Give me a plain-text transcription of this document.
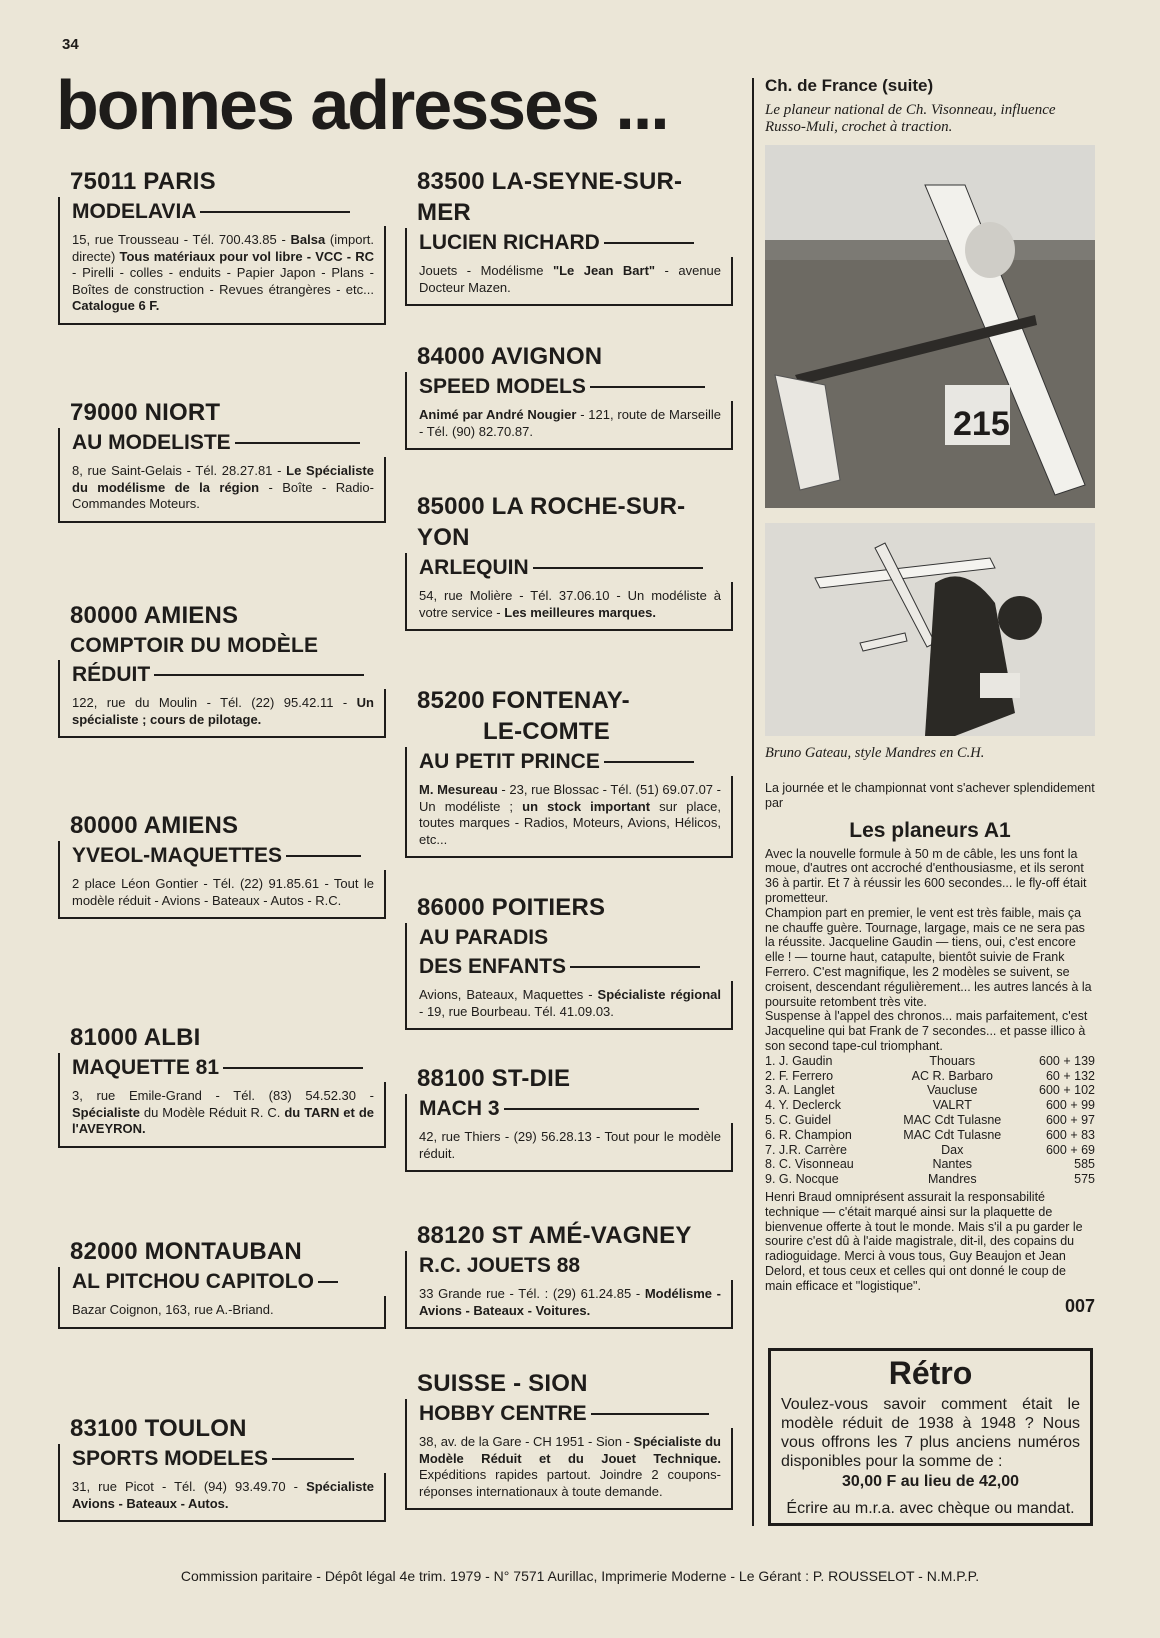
34
bonnes adresses ...
75011 PARIS
MODELAVIA
15, rue Trousseau - Tél. 700.43.85 - Balsa (import. directe) Tous matériaux pour vol libre - VCC - RC - Pirelli - colles - enduits - Papier Japon - Plans - Boîtes de construction - Revues étrangères - etc... Catalogue 6 F.
79000 NIORT
AU MODELISTE
8, rue Saint-Gelais - Tél. 28.27.81 - Le Spécialiste du modélisme de la région - Boîte - Radio-Commandes Moteurs.
80000 AMIENS
COMPTOIR DU MODÈLE
RÉDUIT
122, rue du Moulin - Tél. (22) 95.42.11 - Un spécialiste ; cours de pilotage.
80000 AMIENS
YVEOL-MAQUETTES
2 place Léon Gontier - Tél. (22) 91.85.61 - Tout le modèle réduit - Avions - Bateaux - Autos - R.C.
81000 ALBI
MAQUETTE 81
3, rue Emile-Grand - Tél. (83) 54.52.30 - Spécialiste du Modèle Réduit R. C. du TARN et de l'AVEYRON.
82000 MONTAUBAN
AL PITCHOU CAPITOLO
Bazar Coignon, 163, rue A.-Briand.
83100 TOULON
SPORTS MODELES
31, rue Picot - Tél. (94) 93.49.70 - Spécialiste Avions - Bateaux - Autos.
83500 LA-SEYNE-SUR-
MER
LUCIEN RICHARD
Jouets - Modélisme "Le Jean Bart" - avenue Docteur Mazen.
84000 AVIGNON
SPEED MODELS
Animé par André Nougier - 121, route de Marseille - Tél. (90) 82.70.87.
85000 LA ROCHE-SUR-
YON
ARLEQUIN
54, rue Molière - Tél. 37.06.10 - Un modéliste à votre service - Les meilleures marques.
85200 FONTENAY-
LE-COMTE
AU PETIT PRINCE
M. Mesureau - 23, rue Blossac - Tél. (51) 69.07.07 - Un modéliste ; un stock important sur place, toutes marques - Radios, Moteurs, Avions, Hélicos, etc...
86000 POITIERS
AU PARADIS
DES ENFANTS
Avions, Bateaux, Maquettes - Spécialiste régional - 19, rue Bourbeau. Tél. 41.09.03.
88100 ST-DIE
MACH 3
42, rue Thiers - (29) 56.28.13 - Tout pour le modèle réduit.
88120 ST AMÉ-VAGNEY
R.C. JOUETS 88
33 Grande rue - Tél. : (29) 61.24.85 - Modélisme - Avions - Bateaux - Voitures.
SUISSE - SION
HOBBY CENTRE
38, av. de la Gare - CH 1951 - Sion - Spécialiste du Modèle Réduit et du Jouet Technique. Expéditions rapides partout. Joindre 2 coupons-réponses internationaux à toute demande.
Ch. de France (suite)
Le planeur national de Ch. Visonneau, influence Russo-Muli, crochet à traction.
215
Bruno Gateau, style Mandres en C.H.
La journée et le championnat vont s'achever splendidement par
Les planeurs A1
Avec la nouvelle formule à 50 m de câble, les uns font la moue, d'autres ont accroché d'enthousiasme, et ils seront 36 à partir. Et 7 à réussir les 600 secondes... le fly-off était prometteur.
Champion part en premier, le vent est très faible, mais ça ne chauffe guère. Tournage, largage, mais ce ne sera pas la réussite. Jacqueline Gaudin — tiens, oui, c'est encore elle ! — tourne haut, catapulte, bientôt suivie de Frank Ferrero. C'est magnifique, les 2 modèles se suivent, se croisent, descendant régulièrement... les autres lancés à la poursuite retombent très vite.
Suspense à l'appel des chronos... mais parfaitement, c'est Jacqueline qui bat Frank de 7 secondes... et passe illico à son second tape-cul triomphant.
1. J. Gaudin	Thouars	600 + 139
2. F. Ferrero	AC R. Barbaro	60 + 132
3. A. Langlet	Vaucluse	600 + 102
4. Y. Declerck	VALRT	600 + 99
5. C. Guidel	MAC Cdt Tulasne	600 + 97
6. R. Champion	MAC Cdt Tulasne	600 + 83
7. J.R. Carrère	Dax	600 + 69
8. C. Visonneau	Nantes	585
9. G. Nocque	Mandres	575
Henri Braud omniprésent assurait la responsabilité technique — c'était marqué ainsi sur la plaquette de bienvenue offerte à tout le monde. Mais s'il a pu garder le sourire c'est dû à l'aide magistrale, dit-il, des copains du radioguidage. Merci à vous tous, Guy Beaujon et Jean Delord, et tous ceux et celles qui ont donné le coup de main efficace et "logistique".
007
Rétro
Voulez-vous savoir comment était le modèle réduit de 1938 à 1948 ? Nous vous offrons les 7 plus anciens numéros disponibles pour la somme de :
30,00 F au lieu de 42,00
Écrire au m.r.a. avec chèque ou mandat.
Commission paritaire - Dépôt légal 4e trim. 1979 - N° 7571 Aurillac, Imprimerie Moderne - Le Gérant : P. ROUSSELOT - N.M.P.P.
